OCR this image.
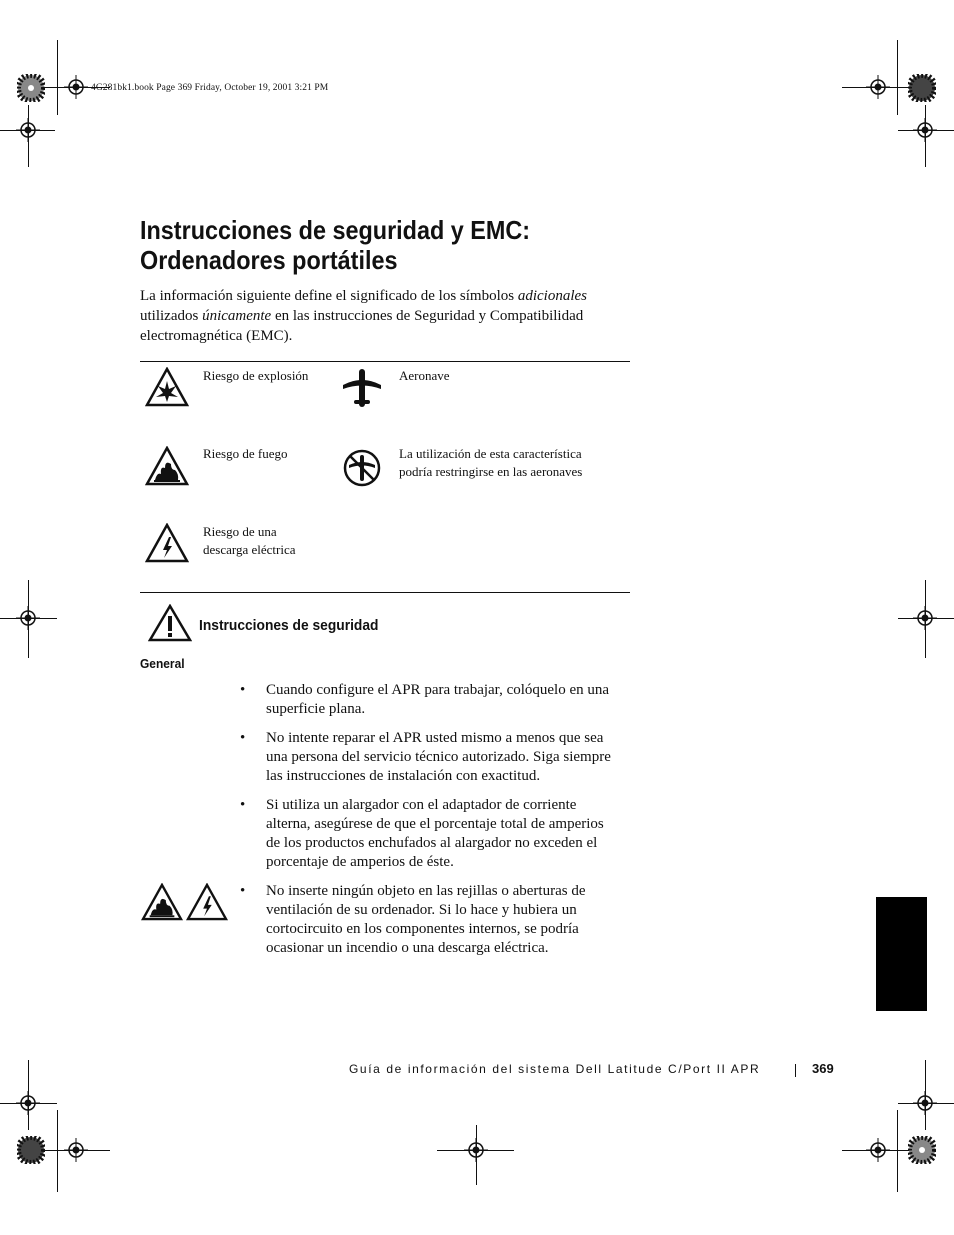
4G281bk1.book Page 369 Friday, October 19, 2001 3:21 PM
Instrucciones de seguridad y EMC:
Ordenadores portátiles

La información siguiente define el significado de los símbolos adicionales utilizados únicamente en las instrucciones de Seguridad y Compatibilidad electromagnética (EMC).

Riesgo de explosión	Aeronave
Riesgo de fuego	La utilización de esta característica
podría restringirse en las aeronaves
Riesgo de una
descarga eléctrica
Instrucciones de seguridad
General
• Cuando configure el APR para trabajar, colóquelo en una superficie plana.
• No intente reparar el APR usted mismo a menos que sea una persona del servicio técnico autorizado. Siga siempre las instrucciones de instalación con exactitud.
• Si utiliza un alargador con el adaptador de corriente alterna, asegúrese de que el porcentaje total de amperios de los productos enchufados al alargador no exceden el porcentaje de amperios de éste.
• No inserte ningún objeto en las rejillas o aberturas de ventilación de su ordenador. Si lo hace y hubiera un cortocircuito en los componentes internos, se podría ocasionar un incendio o una descarga eléctrica.
Guía de información del sistema Dell Latitude C/Port II APR	369
